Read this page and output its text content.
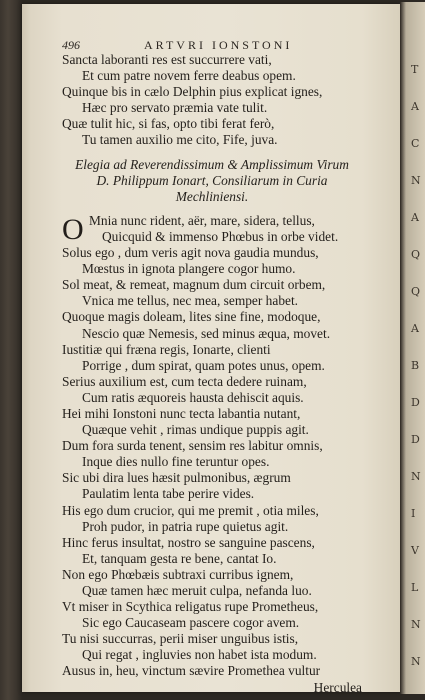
T
A
C
N
A
Q
Q
A
B
D
D
N
I
V
L
N
N
496	ARTVRI IONSTONI
Sancta laboranti res est succurrere vati,
Et cum patre novem ferre deabus opem.
Quinque bis in cælo Delphin pius explicat ignes,
Hæc pro servato præmia vate tulit.
Quæ tulit hic, si fas, opto tibi ferat ferò,
Tu tamen auxilio me cito, Fife, juva.
Elegia ad Reverendissimum & Amplissimum Virum
D. Philippum Ionart, Consiliarum in Curia
Mechliniensi.
O Mnia nunc rident, aër, mare, sidera, tellus,
Quicquid & immenso Phœbus in orbe videt.
Solus ego , dum veris agit nova gaudia mundus,
Mœstus in ignota plangere cogor humo.
Sol meat, & remeat, magnum dum circuit orbem,
Vnica me tellus, nec mea, semper habet.
Quoque magis doleam, lites sine fine, modoque,
Nescio quæ Nemesis, sed minus æqua, movet.
Iustitiæ qui fræna regis, Ionarte, clienti
Porrige , dum spirat, quam potes unus, opem.
Serius auxilium est, cum tecta dedere ruinam,
Cum ratis æquoreis hausta dehiscit aquis.
Hei mihi Ionstoni nunc tecta labantia nutant,
Quæque vehit , rimas undique puppis agit.
Dum fora surda tenent, sensim res labitur omnis,
Inque dies nullo fine teruntur opes.
Sic ubi dira lues hæsit pulmonibus, ægrum
Paulatim lenta tabe perire vides.
His ego dum crucior, qui me premit , otia miles,
Proh pudor, in patria rupe quietus agit.
Hinc ferus insultat, nostro se sanguine pascens,
Et, tanquam gesta re bene, cantat Io.
Non ego Phœbæis subtraxi curribus ignem,
Quæ tamen hæc meruit culpa, nefanda luo.
Vt miser in Scythica religatus rupe Prometheus,
Sic ego Caucaseam pascere cogor avem.
Tu nisi succurras, perii miser unguibus istis,
Qui regat , ingluvies non habet ista modum.
Ausus in, heu, vinctum sævire Promethea vultur
Herculea
